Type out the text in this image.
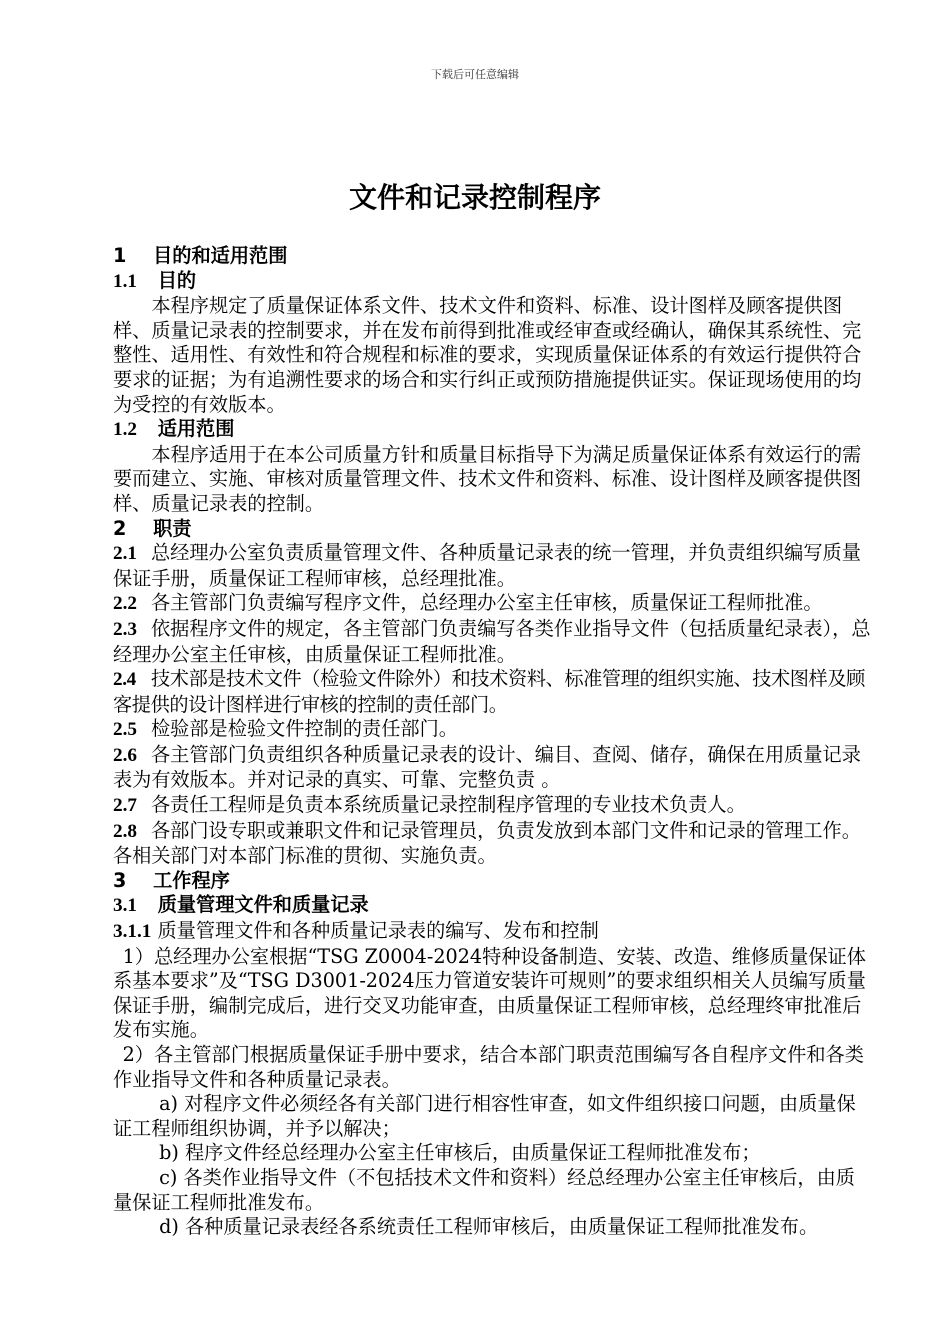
下载后可任意编辑
文件和记录控制程序
1 目的和适用范围
1.1 目的

本程序规定了质量保证体系文件、技术文件和资料、标准、设计图样及顾客提供图样、质量记录表的控制要求，并在发布前得到批准或经审查或经确认，确保其系统性、完整性、适用性、有效性和符合规程和标准的要求，实现质量保证体系的有效运行提供符合要求的证据；为有追溯性要求的场合和实行纠正或预防措施提供证实。保证现场使用的均为受控的有效版本。

1.2 适用范围

本程序适用于在本公司质量方针和质量目标指导下为满足质量保证体系有效运行的需要而建立、实施、审核对质量管理文件、技术文件和资料、标准、设计图样及顾客提供图样、质量记录表的控制。

2 职责

2.1 总经理办公室负责质量管理文件、各种质量记录表的统一管理，并负责组织编写质量保证手册，质量保证工程师审核，总经理批准。

2.2 各主管部门负责编写程序文件，总经理办公室主任审核，质量保证工程师批准。

2.3 依据程序文件的规定，各主管部门负责编写各类作业指导文件（包括质量纪录表），总经理办公室主任审核，由质量保证工程师批准。

2.4 技术部是技术文件（检验文件除外）和技术资料、标准管理的组织实施、技术图样及顾客提供的设计图样进行审核的控制的责任部门。

2.5 检验部是检验文件控制的责任部门。

2.6 各主管部门负责组织各种质量记录表的设计、编目、查阅、储存，确保在用质量记录表为有效版本。并对记录的真实、可靠、完整负责 。

2.7 各责任工程师是负责本系统质量记录控制程序管理的专业技术负责人。

2.8 各部门设专职或兼职文件和记录管理员，负责发放到本部门文件和记录的管理工作。各相关部门对本部门标准的贯彻、实施负责。

3 工作程序
3.1 质量管理文件和质量记录

3.1.1 质量管理文件和各种质量记录表的编写、发布和控制

1）总经理办公室根据“TSG Z0004-2024特种设备制造、安装、改造、维修质量保证体系基本要求”及“TSG D3001-2024压力管道安装许可规则”的要求组织相关人员编写质量保证手册，编制完成后，进行交叉功能审查，由质量保证工程师审核，总经理终审批准后发布实施。

2）各主管部门根据质量保证手册中要求，结合本部门职责范围编写各自程序文件和各类作业指导文件和各种质量记录表。

a) 对程序文件必须经各有关部门进行相容性审查，如文件组织接口问题，由质量保证工程师组织协调，并予以解决；

b) 程序文件经总经理办公室主任审核后，由质量保证工程师批准发布；

c) 各类作业指导文件（不包括技术文件和资料）经总经理办公室主任审核后，由质量保证工程师批准发布。

d) 各种质量记录表经各系统责任工程师审核后，由质量保证工程师批准发布。
